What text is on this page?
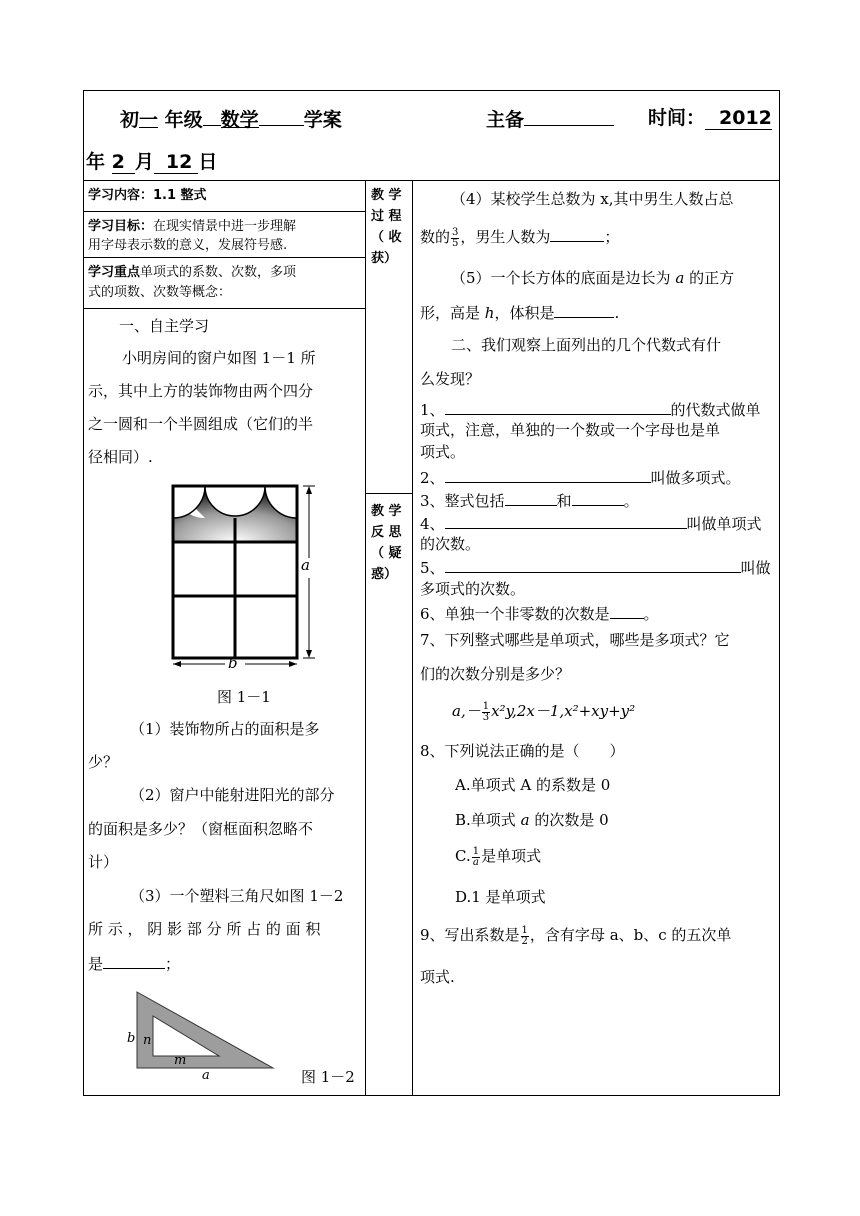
初一 年级 数学 学案	主备	时间： 2012
年 2 月 12 日
学习内容：1.1 整式
学习目标：在现实情景中进一步理解
用字母表示数的意义，发展符号感.
学习重点单项式的系数、次数，多项
式的项数、次数等概念：
一、自主学习
小明房间的窗户如图 1－1 所
示，其中上方的装饰物由两个四分
之一圆和一个半圆组成（它们的半
径相同）.
a
b
图 1－1
（1）装饰物所占的面积是多
少？
（2）窗户中能射进阳光的部分
的面积是多少？（窗框面积忽略不
计）
（3）一个塑料三角尺如图 1－2
所 示 ， 阴 影 部 分 所 占 的 面 积
是	；
b n
m
a	图 1－2
教 学
过 程
（ 收
获）
教 学
反 思
（ 疑
惑）
（4）某校学生总数为 x,其中男生人数占总
数的 $\frac{3}{5}$ ，男生人数为	；
（5）一个长方体的底面是边长为 a 的正方
形，高是 h，体积是	.
二、我们观察上面列出的几个代数式有什
么发现？
1、	的代数式做单
项式，注意，单独的一个数或一个字母也是单
项式。
2、	叫做多项式。
3、整式包括	和	。
4、	叫做单项式
的次数。
5、	叫做
多项式的次数。
6、单独一个非零数的次数是 。
7、下列整式哪些是单项式，哪些是多项式？它
们的次数分别是多少？
$a,- \frac{1}{3} x^2y,2x-1,x^2+xy+y^2$
8、下列说法正确的是（　　）
A.单项式 A 的系数是 0
B.单项式 a 的次数是 0
C. $\frac{1}{a}$是单项式
D.1 是单项式
9、写出系数是 $\frac{1}{2}$ ，含有字母 a、b、c 的五次单
项式.
